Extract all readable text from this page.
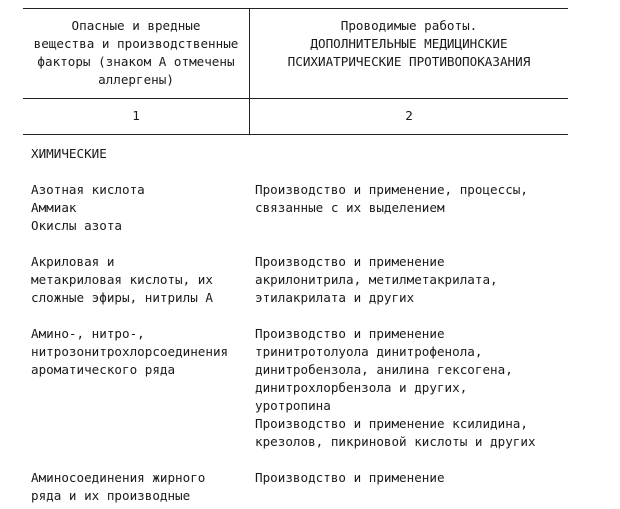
Опасные и вредные
вещества и производственные
факторы (знаком А отмечены
аллергены)
Проводимые работы.
ДОПОЛНИТЕЛЬНЫЕ МЕДИЦИНСКИЕ
ПСИХИАТРИЧЕСКИЕ ПРОТИВОПОКАЗАНИЯ
1	2
ХИМИЧЕСКИЕ
Азотная кислота
Аммиак
Окислы азота
Производство и применение, процессы,
связанные с их выделением
Акриловая и
метакриловая кислоты, их
сложные эфиры, нитрилы А
Производство и применение
акрилонитрила, метилметакрилата,
этилакрилата и других
Амино-, нитро-,
нитрозонитрохлорсоединения
ароматического ряда
Производство и применение
тринитротолуола динитрофенола,
динитробензола, анилина гексогена,
динитрохлорбензола и других,
уротропина
Производство и применение ксилидина,
крезолов, пикриновой кислоты и других
Аминосоединения жирного
ряда и их производные
Производство и применение
